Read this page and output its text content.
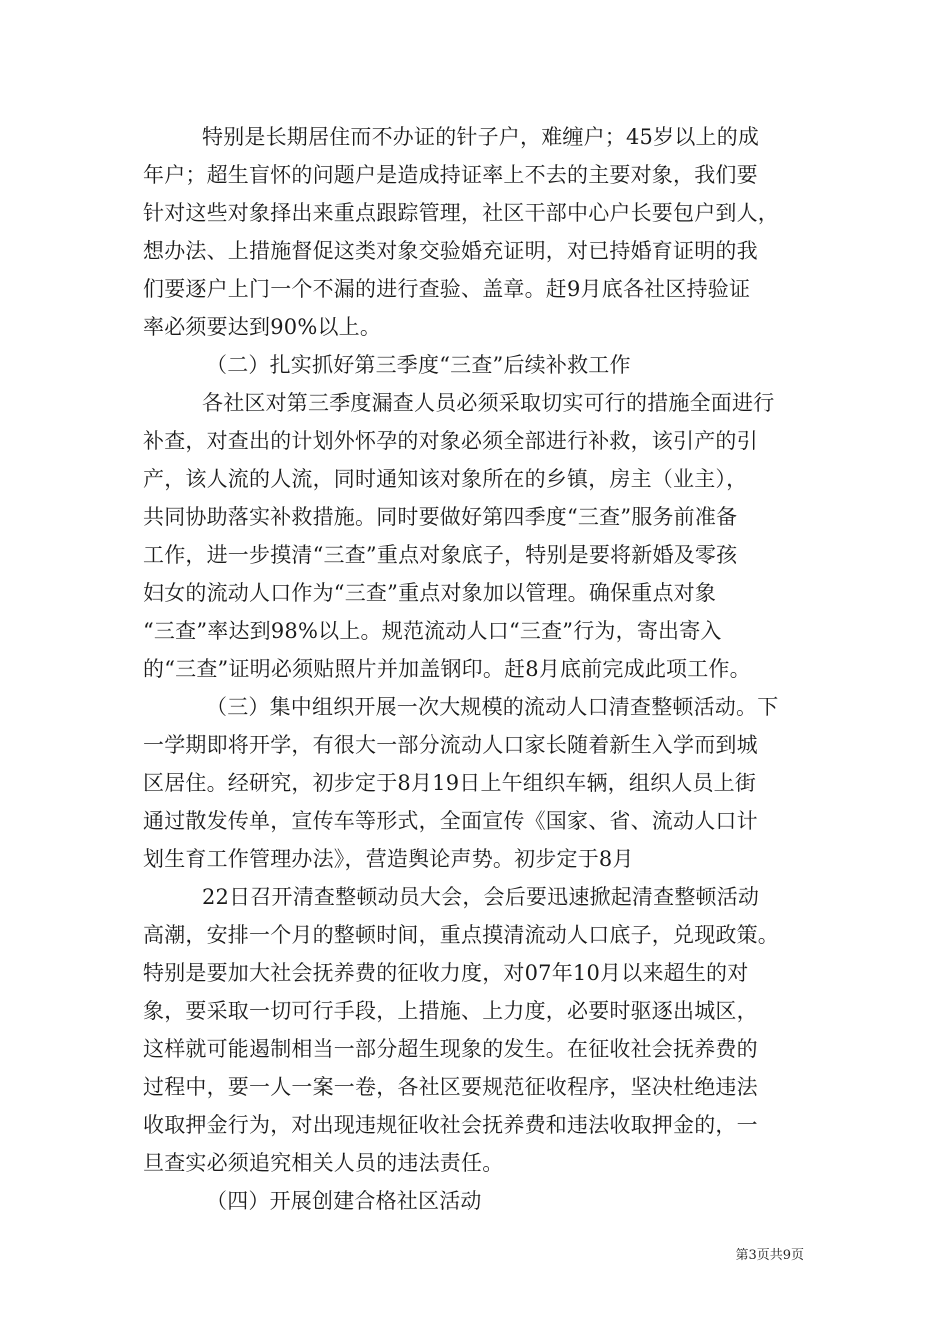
特别是长期居住而不办证的针子户，难缠户；45岁以上的成
年户；超生盲怀的问题户是造成持证率上不去的主要对象，我们要
针对这些对象择出来重点跟踪管理，社区干部中心户长要包户到人，
想办法、上措施督促这类对象交验婚充证明，对已持婚育证明的我
们要逐户上门一个不漏的进行查验、盖章。赶9月底各社区持验证
率必须要达到90%以上。
（二）扎实抓好第三季度“三查”后续补救工作
各社区对第三季度漏查人员必须采取切实可行的措施全面进行
补查，对查出的计划外怀孕的对象必须全部进行补救，该引产的引
产，该人流的人流，同时通知该对象所在的乡镇，房主（业主），
共同协助落实补救措施。同时要做好第四季度“三查”服务前准备
工作，进一步摸清“三查”重点对象底子，特别是要将新婚及零孩
妇女的流动人口作为“三查”重点对象加以管理。确保重点对象
“三查”率达到98%以上。规范流动人口“三查”行为，寄出寄入
的“三查”证明必须贴照片并加盖钢印。赶8月底前完成此项工作。
（三）集中组织开展一次大规模的流动人口清查整顿活动。下
一学期即将开学，有很大一部分流动人口家长随着新生入学而到城
区居住。经研究，初步定于8月19日上午组织车辆，组织人员上街
通过散发传单，宣传车等形式，全面宣传《国家、省、流动人口计
划生育工作管理办法》，营造舆论声势。初步定于8月
22日召开清查整顿动员大会，会后要迅速掀起清查整顿活动
高潮，安排一个月的整顿时间，重点摸清流动人口底子，兑现政策。
特别是要加大社会抚养费的征收力度，对07年10月以来超生的对
象，要采取一切可行手段，上措施、上力度，必要时驱逐出城区，
这样就可能遏制相当一部分超生现象的发生。在征收社会抚养费的
过程中，要一人一案一卷，各社区要规范征收程序，坚决杜绝违法
收取押金行为，对出现违规征收社会抚养费和违法收取押金的，一
旦查实必须追究相关人员的违法责任。
（四）开展创建合格社区活动
第3页共9页
